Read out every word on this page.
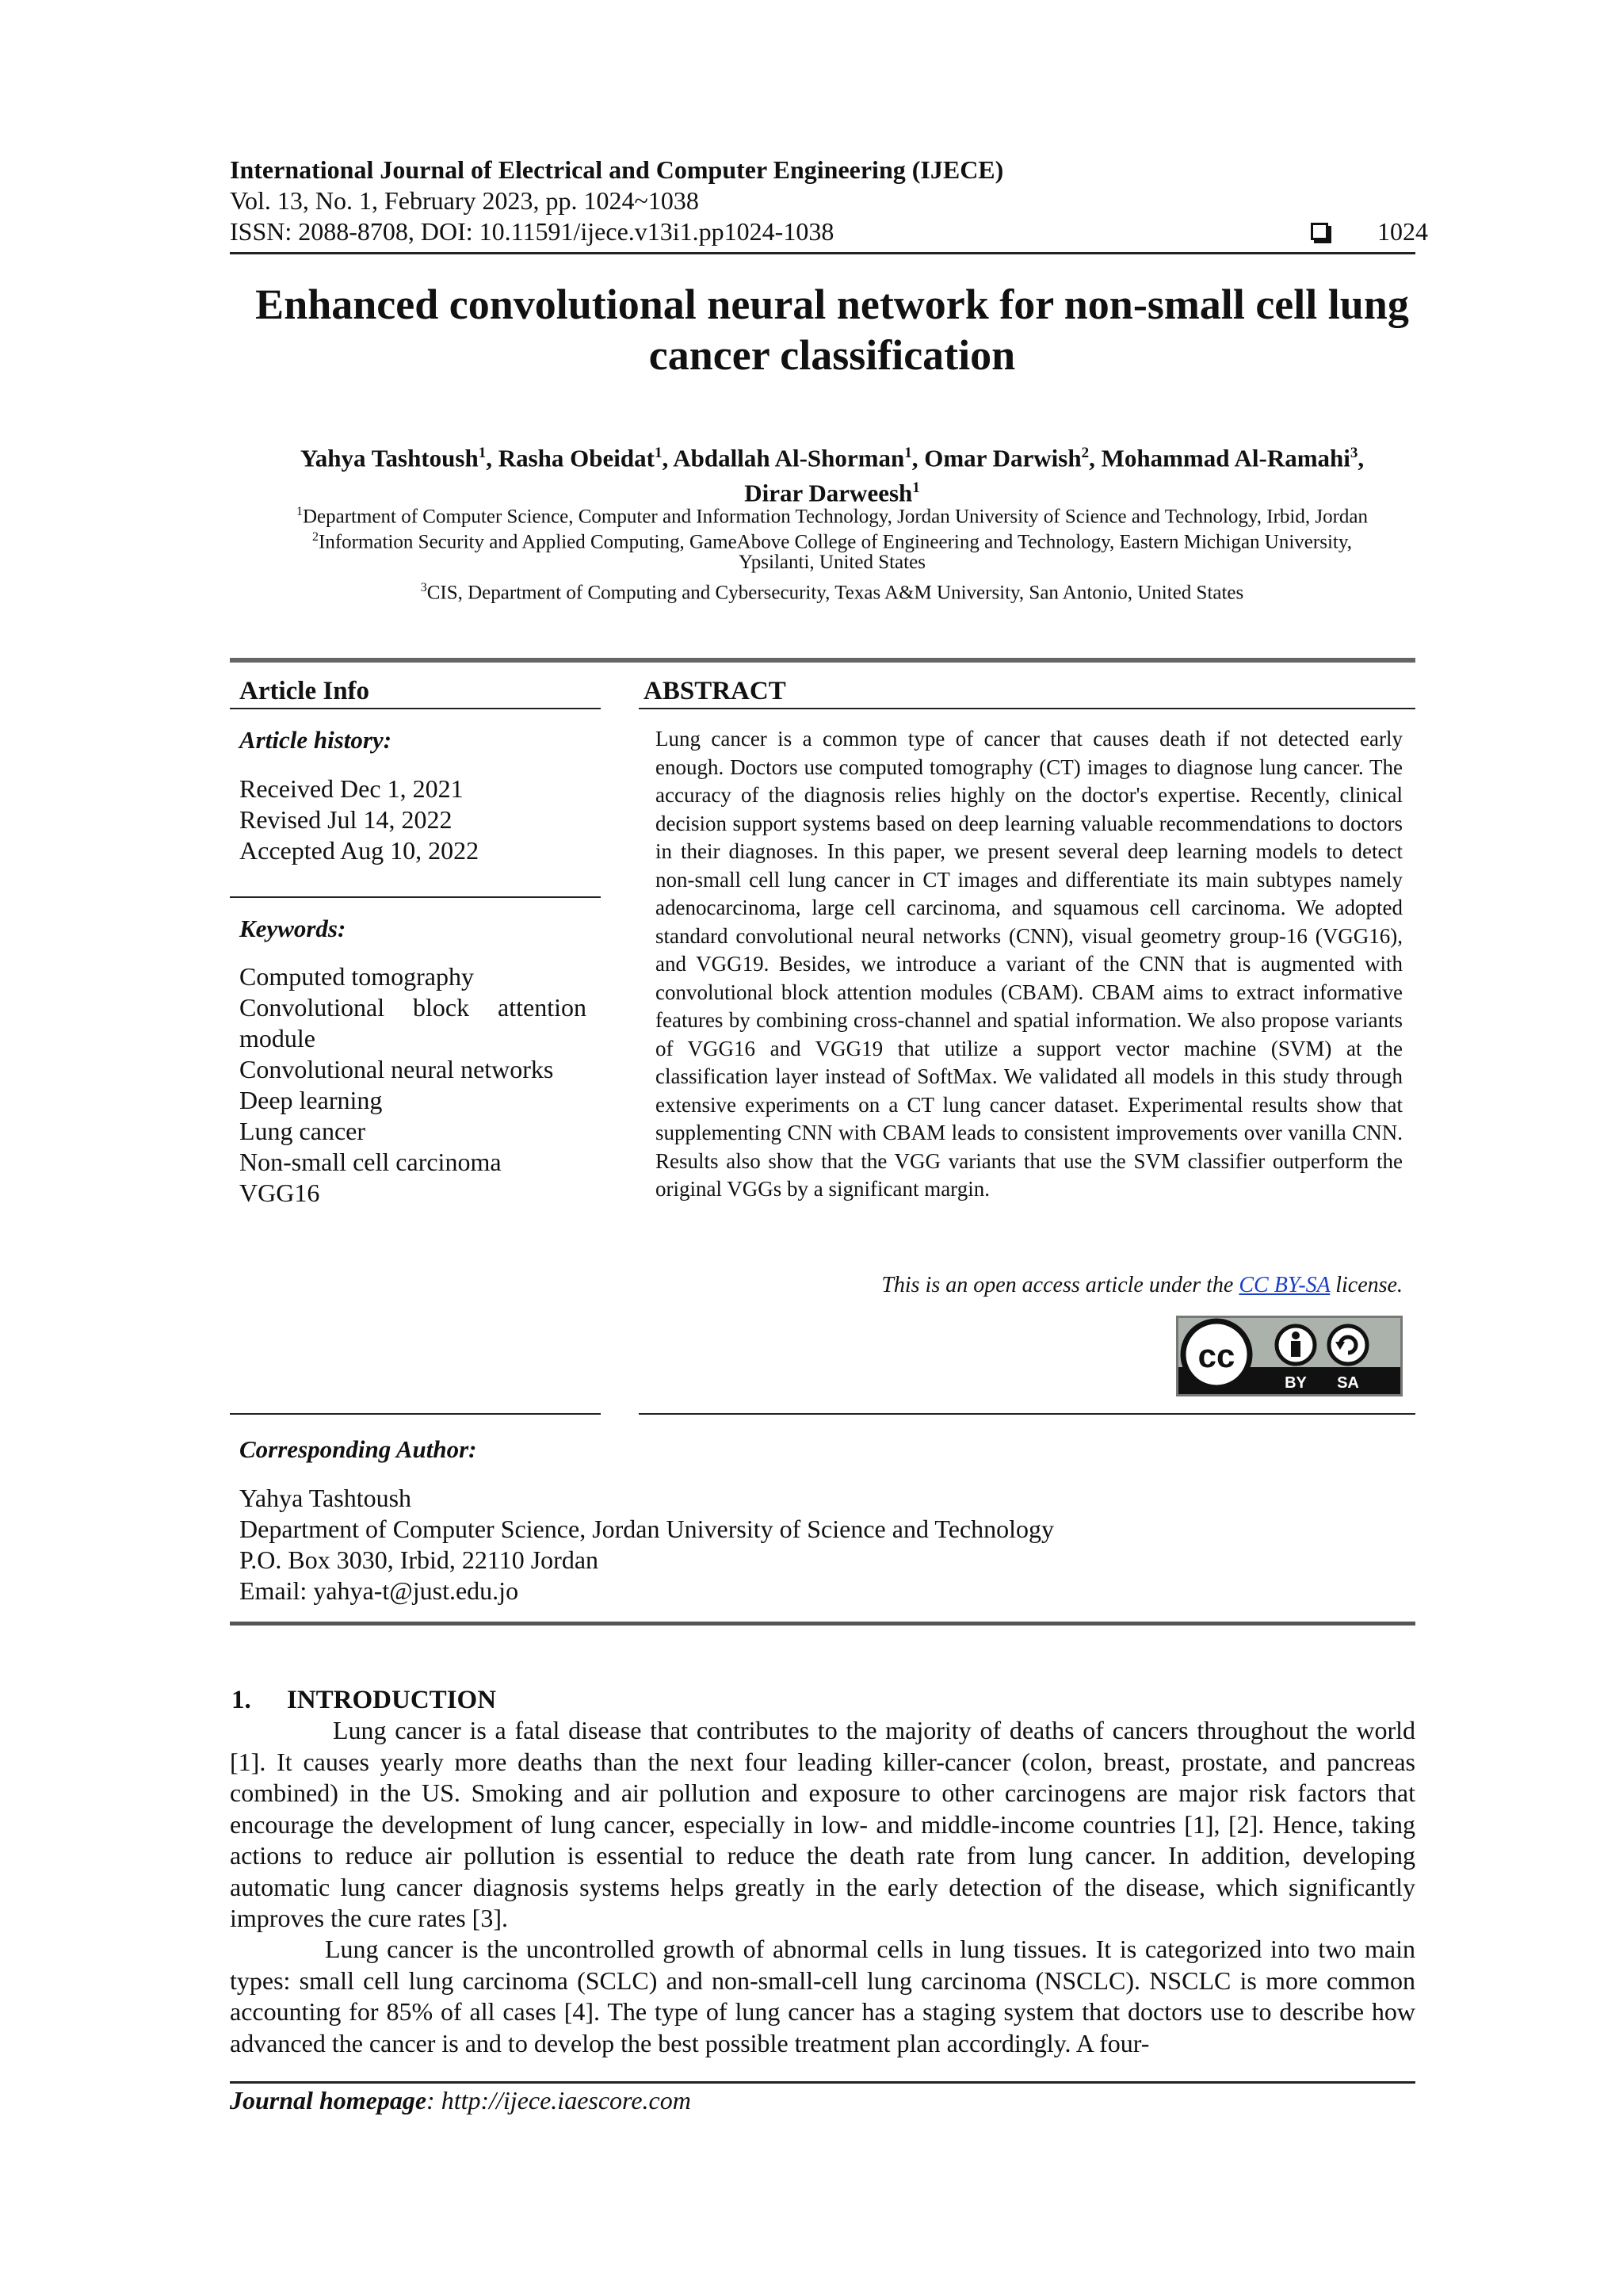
International Journal of Electrical and Computer Engineering (IJECE)
Vol. 13, No. 1, February 2023, pp. 1024~1038
ISSN: 2088-8708, DOI: 10.11591/ijece.v13i1.pp1024-1038	1024
Enhanced convolutional neural network for non-small cell lung
cancer classification
Yahya Tashtoush$^1$, Rasha Obeidat$^1$, Abdallah Al-Shorman$^1$, Omar Darwish$^2$, Mohammad Al-Ramahi$^3$,
Dirar Darweesh$^1$
$^1$Department of Computer Science, Computer and Information Technology, Jordan University of Science and Technology, Irbid, Jordan
$^2$Information Security and Applied Computing, GameAbove College of Engineering and Technology, Eastern Michigan University,
Ypsilanti, United States
$^3$CIS, Department of Computing and Cybersecurity, Texas A&M University, San Antonio, United States
Article Info
Article history:
Received Dec 1, 2021
Revised Jul 14, 2022
Accepted Aug 10, 2022
Keywords:
Computed tomography
Convolutional block attention
module
Convolutional neural networks
Deep learning
Lung cancer
Non-small cell carcinoma
VGG16
ABSTRACT
Lung cancer is a common type of cancer that causes death if not detected early enough. Doctors use computed tomography (CT) images to diagnose lung cancer. The accuracy of the diagnosis relies highly on the doctor's expertise. Recently, clinical decision support systems based on deep learning valuable recommendations to doctors in their diagnoses. In this paper, we present several deep learning models to detect non-small cell lung cancer in CT images and differentiate its main subtypes namely adenocarcinoma, large cell carcinoma, and squamous cell carcinoma. We adopted standard convolutional neural networks (CNN), visual geometry group-16 (VGG16), and VGG19. Besides, we introduce a variant of the CNN that is augmented with convolutional block attention modules (CBAM). CBAM aims to extract informative features by combining cross-channel and spatial information. We also propose variants of VGG16 and VGG19 that utilize a support vector machine (SVM) at the classification layer instead of SoftMax. We validated all models in this study through extensive experiments on a CT lung cancer dataset. Experimental results show that supplementing CNN with CBAM leads to consistent improvements over vanilla CNN. Results also show that the VGG variants that use the SVM classifier outperform the original VGGs by a significant margin.
This is an open access article under the CC BY-SA license.
cc
BY SA
Corresponding Author:
Yahya Tashtoush
Department of Computer Science, Jordan University of Science and Technology
P.O. Box 3030, Irbid, 22110 Jordan
Email: yahya-t@just.edu.jo
1. INTRODUCTION
Lung cancer is a fatal disease that contributes to the majority of deaths of cancers throughout the world [1]. It causes yearly more deaths than the next four leading killer-cancer (colon, breast, prostate, and pancreas combined) in the US. Smoking and air pollution and exposure to other carcinogens are major risk factors that encourage the development of lung cancer, especially in low- and middle-income countries [1], [2]. Hence, taking actions to reduce air pollution is essential to reduce the death rate from lung cancer. In addition, developing automatic lung cancer diagnosis systems helps greatly in the early detection of the disease, which significantly improves the cure rates [3].
Lung cancer is the uncontrolled growth of abnormal cells in lung tissues. It is categorized into two main types: small cell lung carcinoma (SCLC) and non-small-cell lung carcinoma (NSCLC). NSCLC is more common accounting for 85% of all cases [4]. The type of lung cancer has a staging system that doctors use to describe how advanced the cancer is and to develop the best possible treatment plan accordingly. A four-
Journal homepage: http://ijece.iaescore.com
